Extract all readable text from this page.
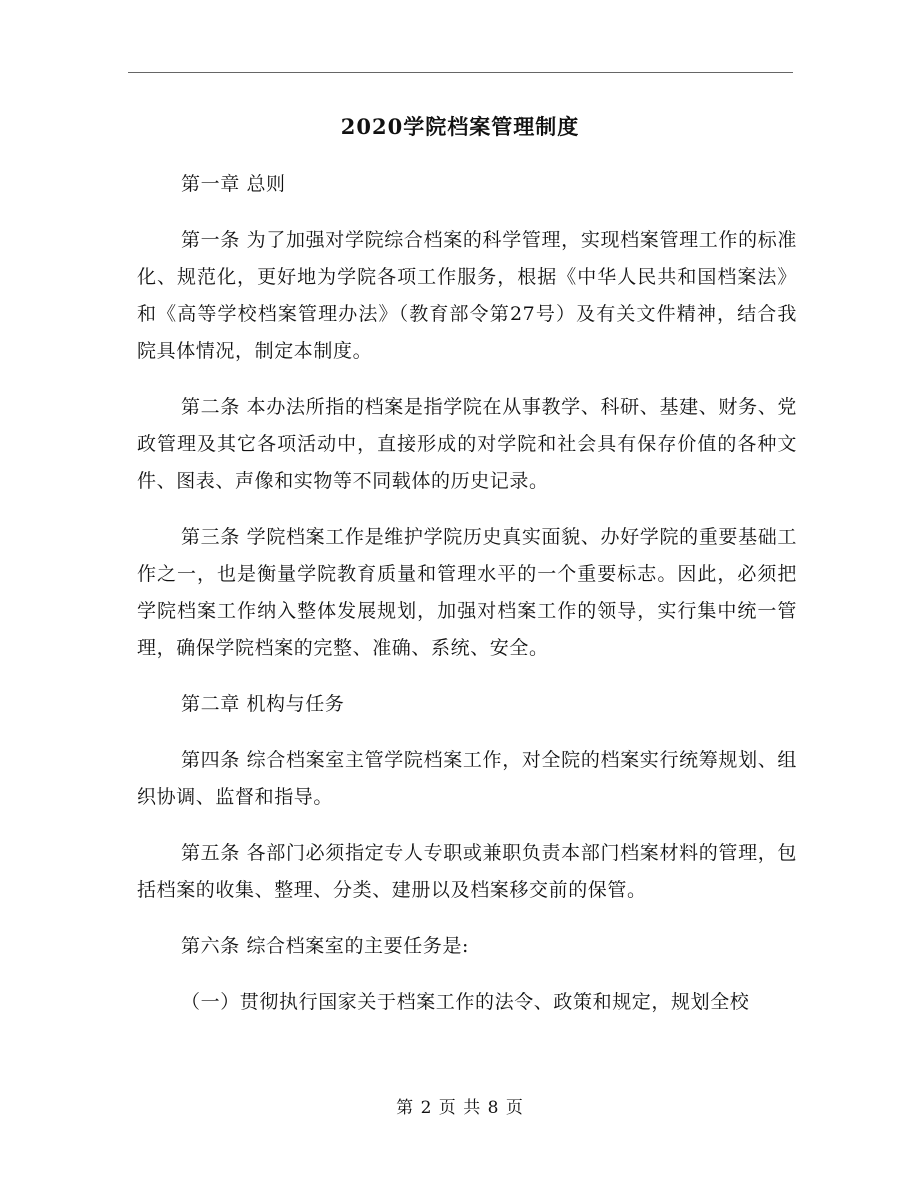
2020学院档案管理制度

第一章 总则

第一条 为了加强对学院综合档案的科学管理，实现档案管理工作的标准化、规范化，更好地为学院各项工作服务，根据《中华人民共和国档案法》和《高等学校档案管理办法》（教育部令第27号）及有关文件精神，结合我院具体情况，制定本制度。

第二条 本办法所指的档案是指学院在从事教学、科研、基建、财务、党政管理及其它各项活动中，直接形成的对学院和社会具有保存价值的各种文件、图表、声像和实物等不同载体的历史记录。

第三条 学院档案工作是维护学院历史真实面貌、办好学院的重要基础工作之一，也是衡量学院教育质量和管理水平的一个重要标志。因此，必须把学院档案工作纳入整体发展规划，加强对档案工作的领导，实行集中统一管理，确保学院档案的完整、准确、系统、安全。

第二章 机构与任务

第四条 综合档案室主管学院档案工作，对全院的档案实行统筹规划、组织协调、监督和指导。

第五条 各部门必须指定专人专职或兼职负责本部门档案材料的管理，包括档案的收集、整理、分类、建册以及档案移交前的保管。

第六条 综合档案室的主要任务是:

（一）贯彻执行国家关于档案工作的法令、政策和规定，规划全校

第 2 页 共 8 页
